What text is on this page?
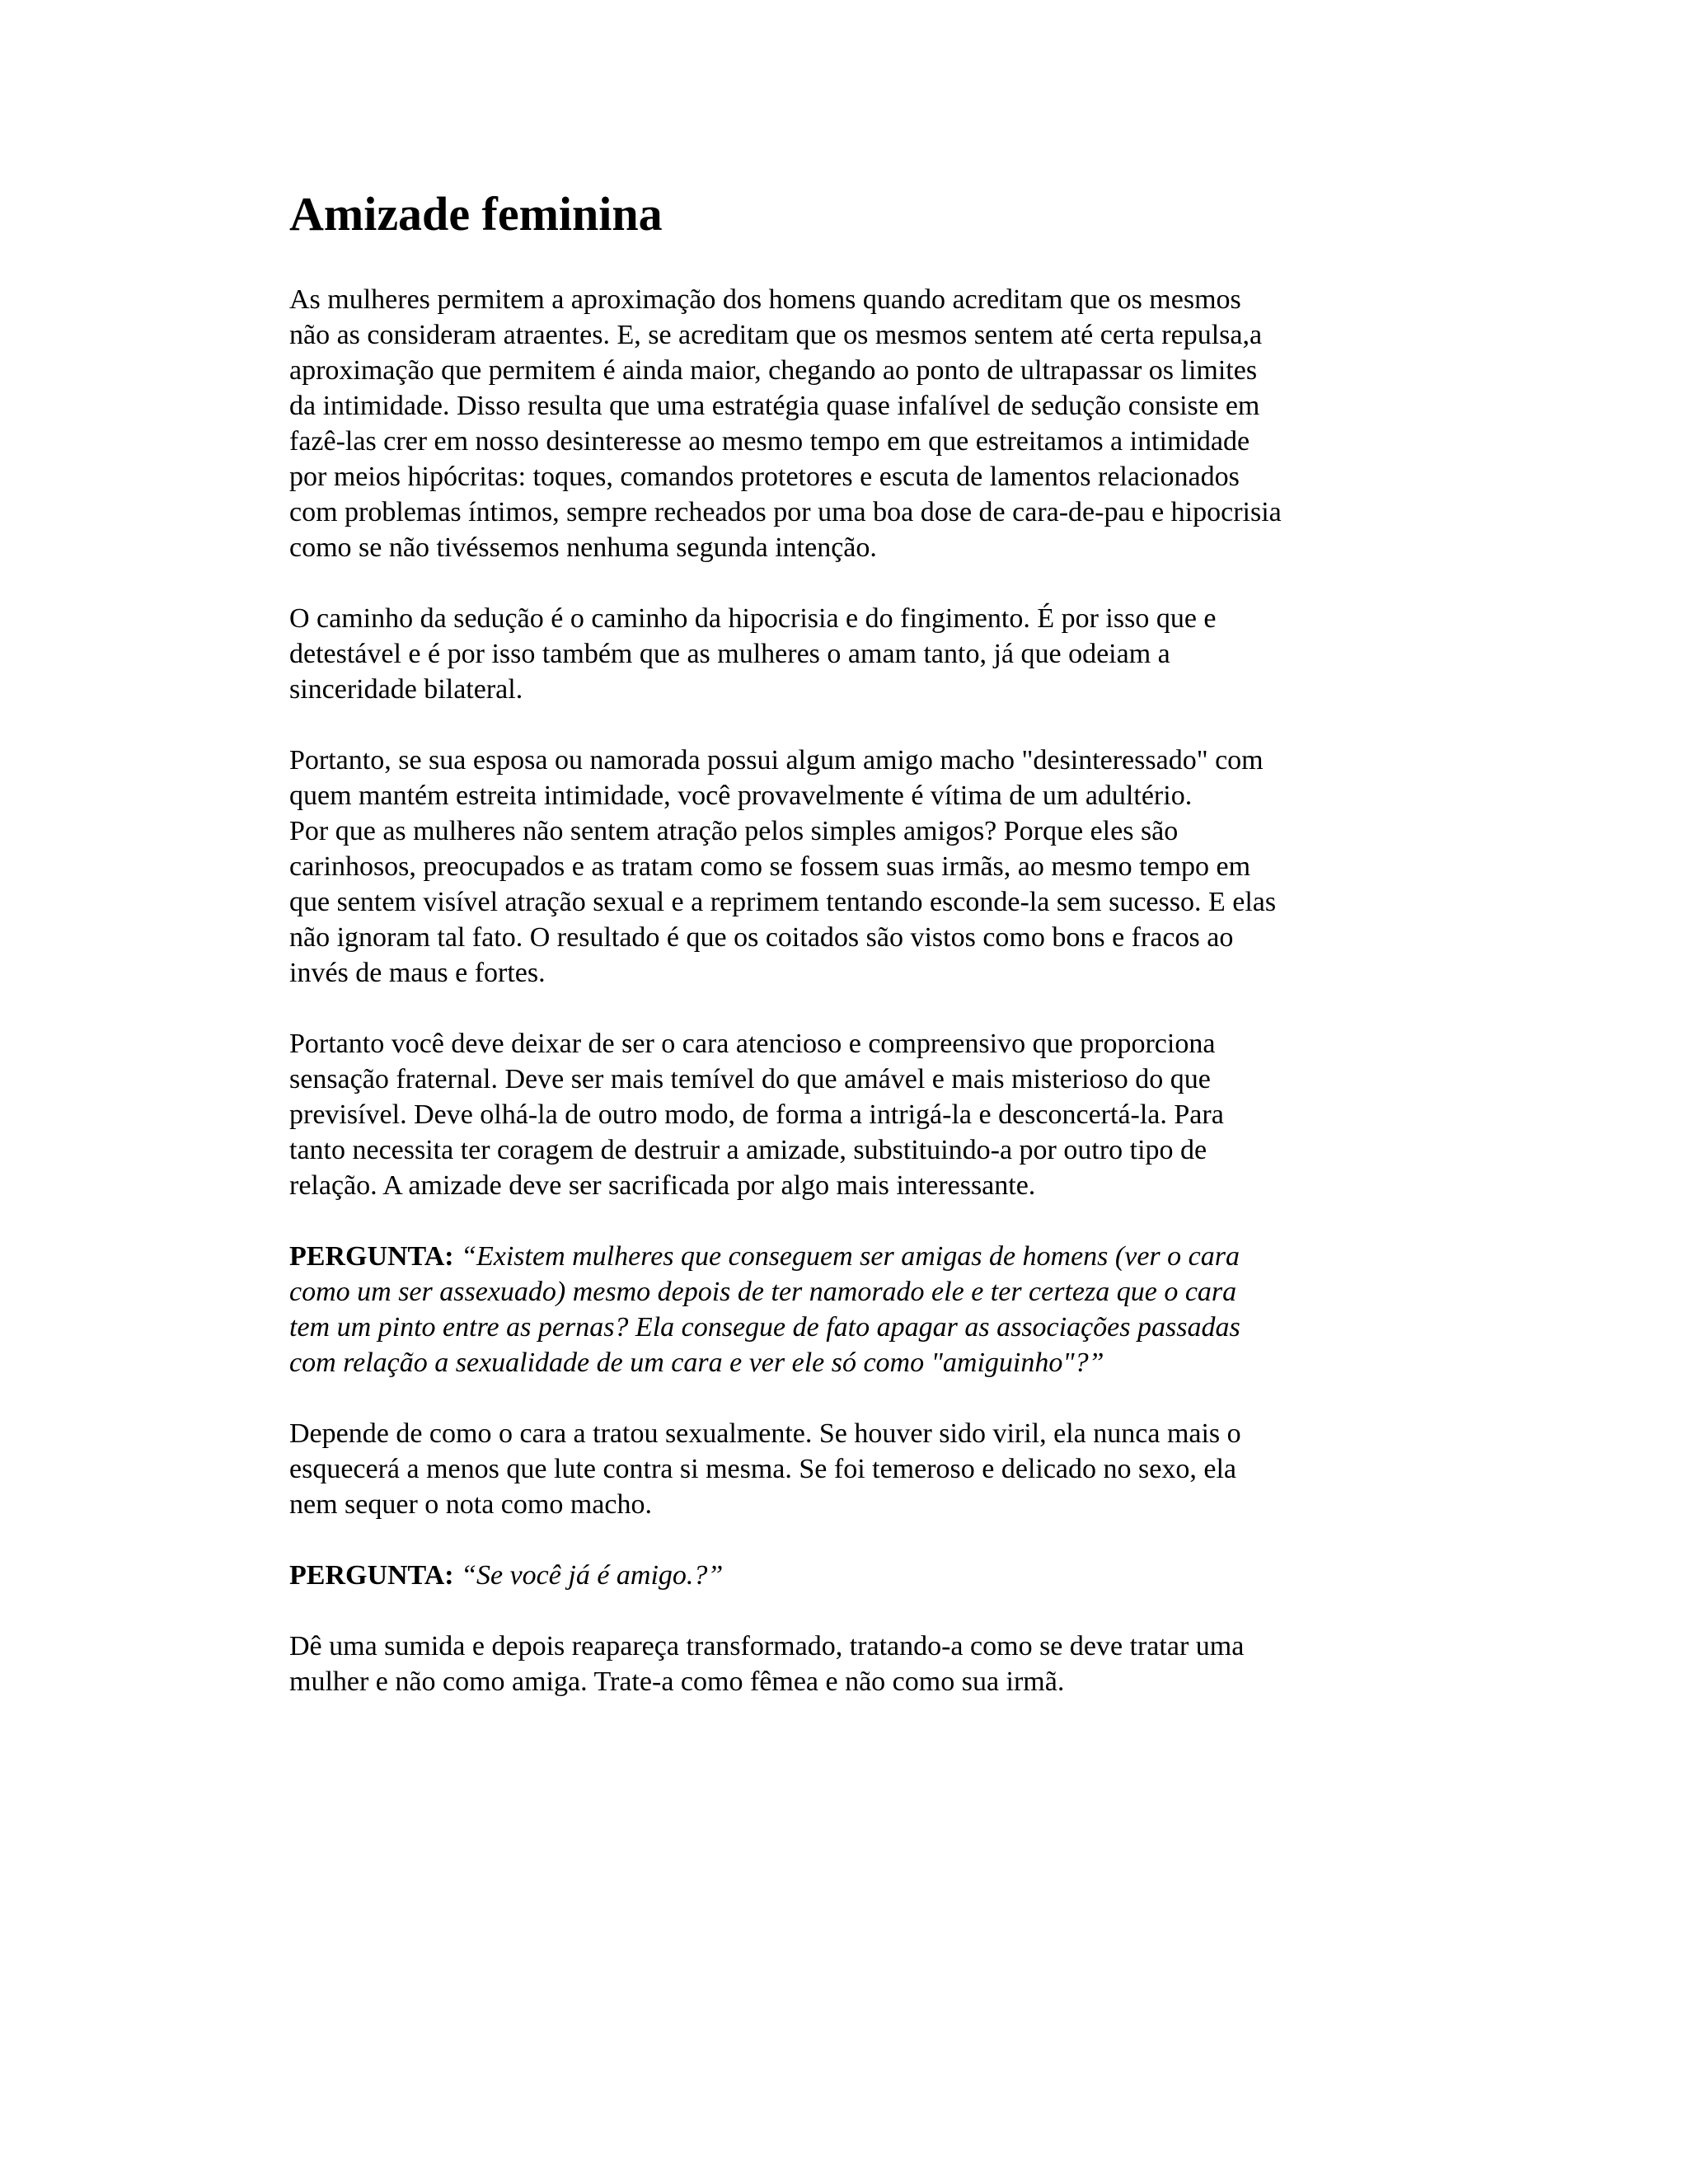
Amizade feminina

As mulheres permitem a aproximação dos homens quando acreditam que os mesmos
não as consideram atraentes. E, se acreditam que os mesmos sentem até certa repulsa,a
aproximação que permitem é ainda maior, chegando ao ponto de ultrapassar os limites
da intimidade. Disso resulta que uma estratégia quase infalível de sedução consiste em
fazê-las crer em nosso desinteresse ao mesmo tempo em que estreitamos a intimidade
por meios hipócritas: toques, comandos protetores e escuta de lamentos relacionados
com problemas íntimos, sempre recheados por uma boa dose de cara-de-pau e hipocrisia
como se não tivéssemos nenhuma segunda intenção.

O caminho da sedução é o caminho da hipocrisia e do fingimento. É por isso que e
detestável e é por isso também que as mulheres o amam tanto, já que odeiam a
sinceridade bilateral.

Portanto, se sua esposa ou namorada possui algum amigo macho "desinteressado" com
quem mantém estreita intimidade, você provavelmente é vítima de um adultério.

Por que as mulheres não sentem atração pelos simples amigos? Porque eles são
carinhosos, preocupados e as tratam como se fossem suas irmãs, ao mesmo tempo em
que sentem visível atração sexual e a reprimem tentando esconde-la sem sucesso. E elas
não ignoram tal fato. O resultado é que os coitados são vistos como bons e fracos ao
invés de maus e fortes.

Portanto você deve deixar de ser o cara atencioso e compreensivo que proporciona
sensação fraternal. Deve ser mais temível do que amável e mais misterioso do que
previsível. Deve olhá-la de outro modo, de forma a intrigá-la e desconcertá-la. Para
tanto necessita ter coragem de destruir a amizade, substituindo-a por outro tipo de
relação. A amizade deve ser sacrificada por algo mais interessante.

PERGUNTA: “Existem mulheres que conseguem ser amigas de homens (ver o cara
como um ser assexuado) mesmo depois de ter namorado ele e ter certeza que o cara
tem um pinto entre as pernas? Ela consegue de fato apagar as associações passadas
com relação a sexualidade de um cara e ver ele só como "amiguinho"?”

Depende de como o cara a tratou sexualmente. Se houver sido viril, ela nunca mais o
esquecerá a menos que lute contra si mesma. Se foi temeroso e delicado no sexo, ela
nem sequer o nota como macho.

PERGUNTA: “Se você já é amigo.?”

Dê uma sumida e depois reapareça transformado, tratando-a como se deve tratar uma
mulher e não como amiga. Trate-a como fêmea e não como sua irmã.
